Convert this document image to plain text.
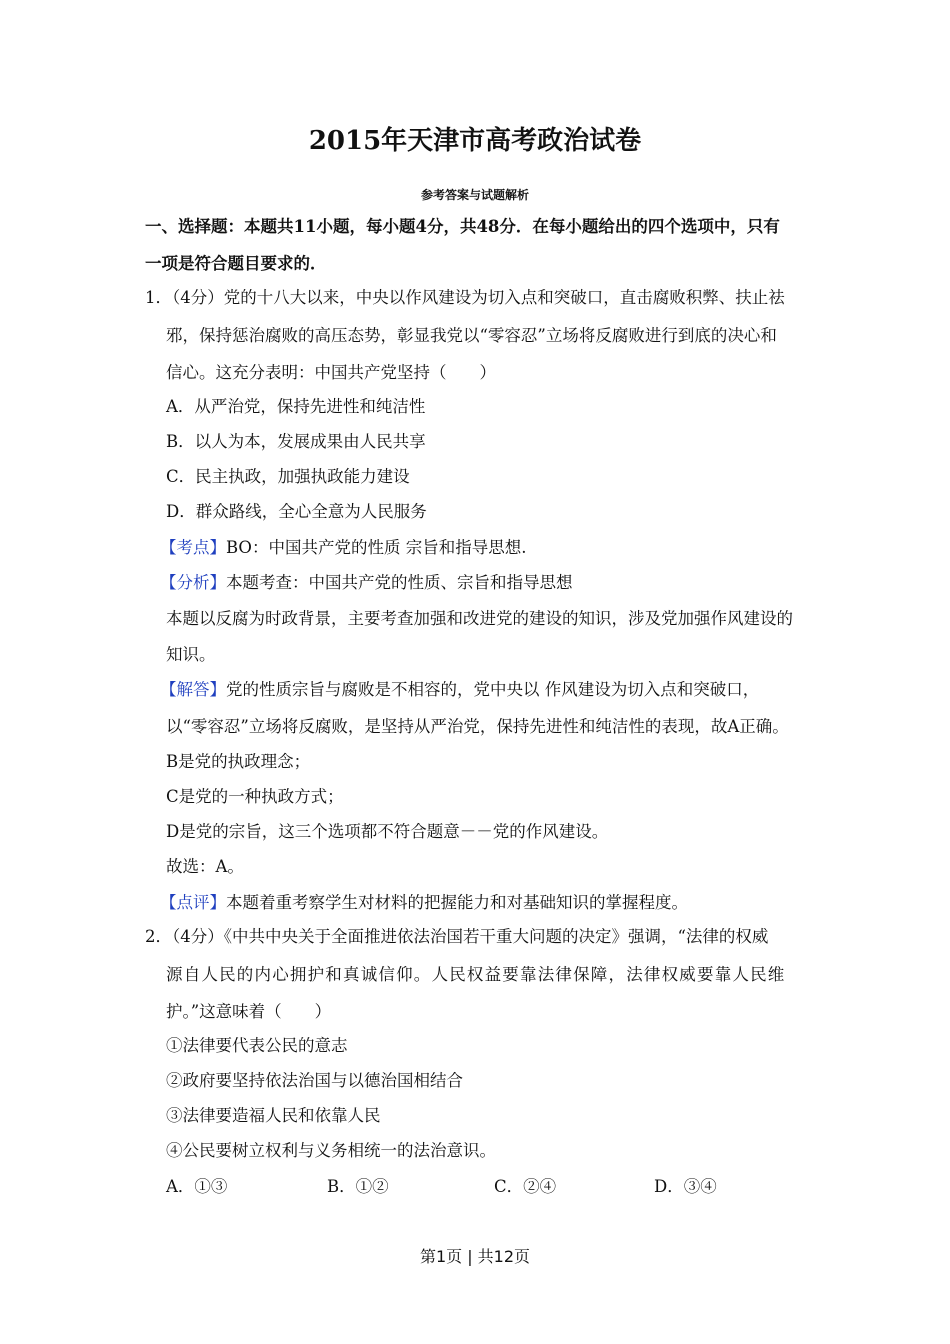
2015年天津市高考政治试卷
参考答案与试题解析
一、选择题：本题共11小题，每小题4分，共48分．在每小题给出的四个选项中，只有
一项是符合题目要求的．
1．（4分）党的十八大以来，中央以作风建设为切入点和突破口，直击腐败积弊、扶止祛
邪，保持惩治腐败的高压态势，彰显我党以“零容忍”立场将反腐败进行到底的决心和
信心。这充分表明：中国共产党坚持（　　）
A．从严治党，保持先进性和纯洁性
B．以人为本，发展成果由人民共享
C．民主执政，加强执政能力建设
D．群众路线，全心全意为人民服务
【考点】BO：中国共产党的性质 宗旨和指导思想.
【分析】本题考查：中国共产党的性质、宗旨和指导思想
本题以反腐为时政背景，主要考查加强和改进党的建设的知识，涉及党加强作风建设的
知识。
【解答】党的性质宗旨与腐败是不相容的，党中央以 作风建设为切入点和突破口，
以“零容忍”立场将反腐败，是坚持从严治党，保持先进性和纯洁性的表现，故A正确。
B是党的执政理念；
C是党的一种执政方式；
D是党的宗旨，这三个选项都不符合题意－－党的作风建设。
故选：A。
【点评】本题着重考察学生对材料的把握能力和对基础知识的掌握程度。
2．（4分）《中共中央关于全面推进依法治国若干重大问题的决定》强调，“法律的权威
源自人民的内心拥护和真诚信仰。人民权益要靠法律保障，法律权威要靠人民维
护。”这意味着（　　）
①法律要代表公民的意志
②政府要坚持依法治国与以德治国相结合
③法律要造福人民和依靠人民
④公民要树立权利与义务相统一的法治意识。
A．①③	B．①②	C．②④	D．③④
第1页 | 共12页
